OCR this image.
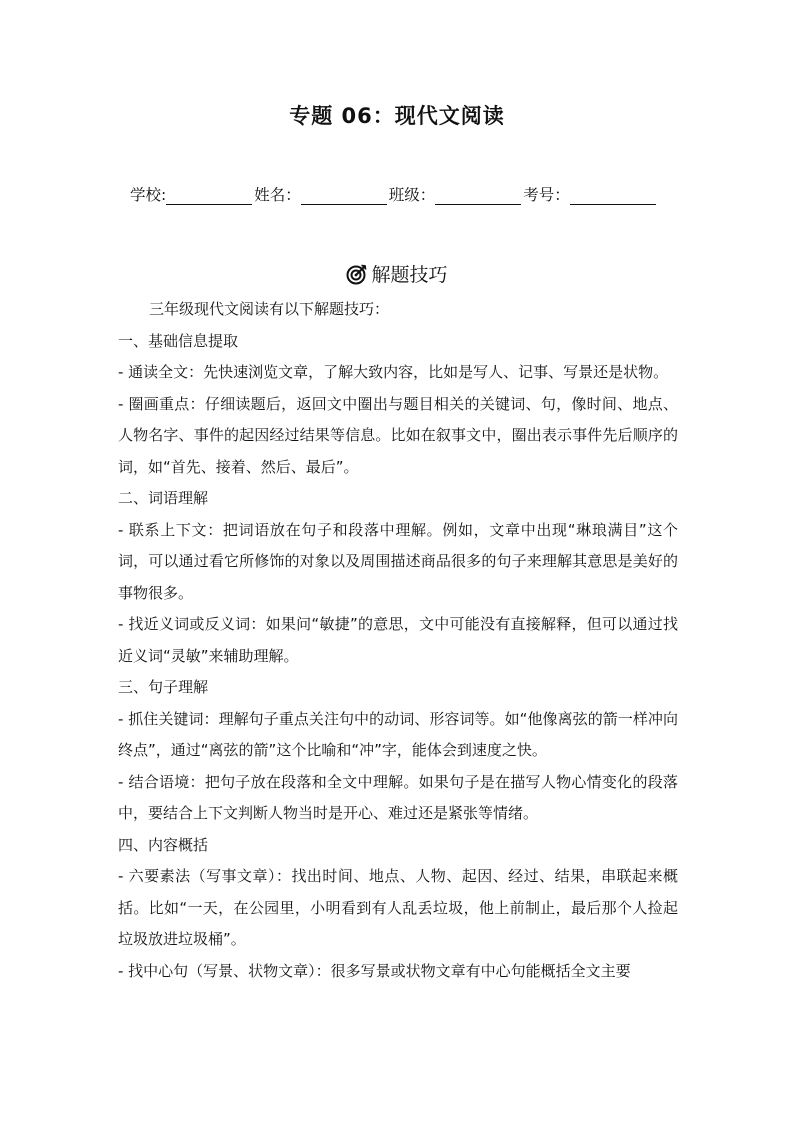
专题 06：现代文阅读
学校:	姓名：	班级：	考号：
解题技巧

三年级现代文阅读有以下解题技巧：

一、基础信息提取

- 通读全文：先快速浏览文章，了解大致内容，比如是写人、记事、写景还是状物。

- 圈画重点：仔细读题后，返回文中圈出与题目相关的关键词、句，像时间、地点、人物名字、事件的起因经过结果等信息。比如在叙事文中，圈出表示事件先后顺序的词，如“首先、接着、然后、最后”。

二、词语理解

- 联系上下文：把词语放在句子和段落中理解。例如，文章中出现“琳琅满目”这个词，可以通过看它所修饰的对象以及周围描述商品很多的句子来理解其意思是美好的事物很多。

- 找近义词或反义词：如果问“敏捷”的意思，文中可能没有直接解释，但可以通过找近义词“灵敏”来辅助理解。

三、句子理解

- 抓住关键词：理解句子重点关注句中的动词、形容词等。如“他像离弦的箭一样冲向终点”，通过“离弦的箭”这个比喻和“冲”字，能体会到速度之快。

- 结合语境：把句子放在段落和全文中理解。如果句子是在描写人物心情变化的段落中，要结合上下文判断人物当时是开心、难过还是紧张等情绪。

四、内容概括

- 六要素法（写事文章）：找出时间、地点、人物、起因、经过、结果，串联起来概括。比如“一天，在公园里，小明看到有人乱丢垃圾，他上前制止，最后那个人捡起垃圾放进垃圾桶”。

- 找中心句（写景、状物文章）：很多写景或状物文章有中心句能概括全文主要
